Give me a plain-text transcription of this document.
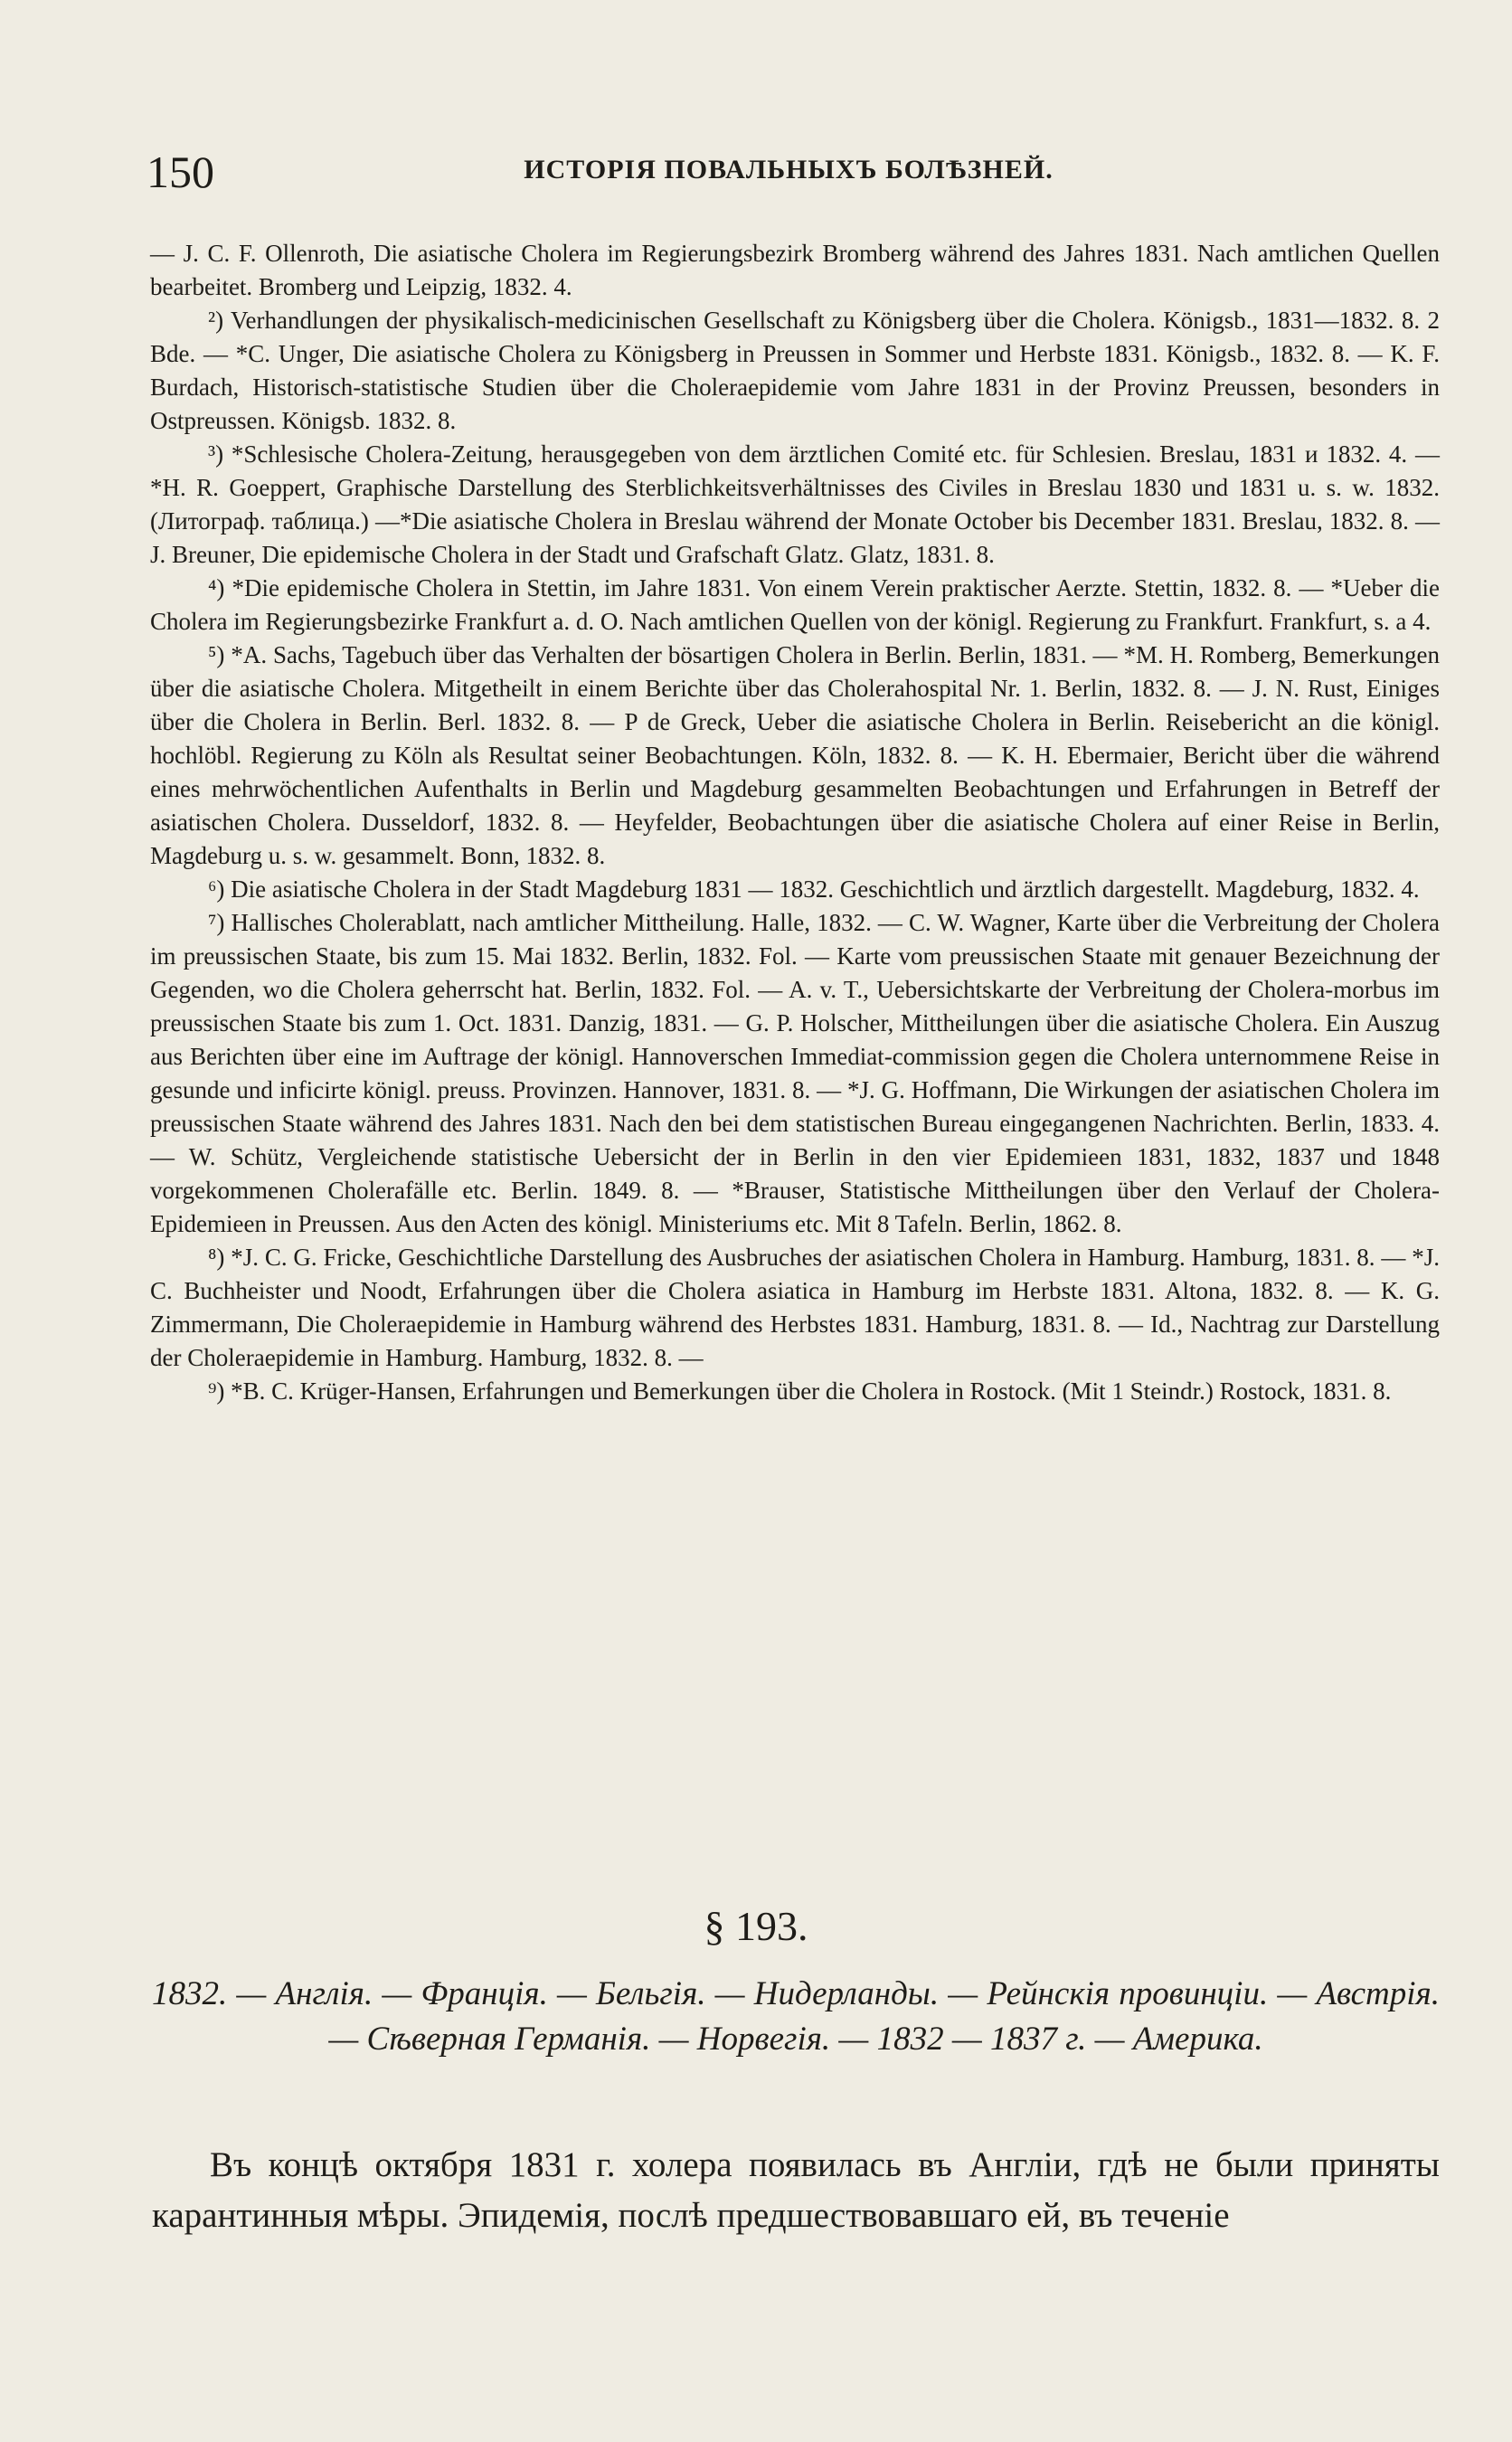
150	ИСТОРІЯ ПОВАЛЬНЫХЪ БОЛѢЗНЕЙ.

— J. C. F. Ollenroth, Die asiatische Cholera im Regierungsbezirk Bromberg während des Jahres 1831. Nach amtlichen Quellen bearbeitet. Bromberg und Leipzig, 1832. 4.

²) Verhandlungen der physikalisch-medicinischen Gesellschaft zu Königsberg über die Cholera. Königsb., 1831—1832. 8. 2 Bde. — *C. Unger, Die asiatische Cholera zu Königsberg in Preussen in Sommer und Herbste 1831. Königsb., 1832. 8. — K. F. Burdach, Historisch-statistische Studien über die Choleraepidemie vom Jahre 1831 in der Provinz Preussen, besonders in Ostpreussen. Königsb. 1832. 8.

³) *Schlesische Cholera-Zeitung, herausgegeben von dem ärztlichen Comité etc. für Schlesien. Breslau, 1831 и 1832. 4. — *H. R. Goeppert, Graphische Darstellung des Sterblichkeitsverhältnisses des Civiles in Breslau 1830 und 1831 u. s. w. 1832. (Литограф. таблица.) —*Die asiatische Cholera in Breslau während der Monate October bis December 1831. Breslau, 1832. 8. — J. Breuner, Die epidemische Cholera in der Stadt und Grafschaft Glatz. Glatz, 1831. 8.

⁴) *Die epidemische Cholera in Stettin, im Jahre 1831. Von einem Verein praktischer Aerzte. Stettin, 1832. 8. — *Ueber die Cholera im Regierungsbezirke Frankfurt a. d. O. Nach amtlichen Quellen von der königl. Regierung zu Frankfurt. Frankfurt, s. a 4.

⁵) *A. Sachs, Tagebuch über das Verhalten der bösartigen Cholera in Berlin. Berlin, 1831. — *M. H. Romberg, Bemerkungen über die asiatische Cholera. Mitgetheilt in einem Berichte über das Cholerahospital Nr. 1. Berlin, 1832. 8. — J. N. Rust, Einiges über die Cholera in Berlin. Berl. 1832. 8. — P de Greck, Ueber die asiatische Cholera in Berlin. Reisebericht an die königl. hochlöbl. Regierung zu Köln als Resultat seiner Beobachtungen. Köln, 1832. 8. — K. H. Ebermaier, Bericht über die während eines mehrwöchentlichen Aufenthalts in Berlin und Magdeburg gesammelten Beobachtungen und Erfahrungen in Betreff der asiatischen Cholera. Dusseldorf, 1832. 8. — Heyfelder, Beobachtungen über die asiatische Cholera auf einer Reise in Berlin, Magdeburg u. s. w. gesammelt. Bonn, 1832. 8.

⁶) Die asiatische Cholera in der Stadt Magdeburg 1831 — 1832. Geschichtlich und ärztlich dargestellt. Magdeburg, 1832. 4.

⁷) Hallisches Cholerablatt, nach amtlicher Mittheilung. Halle, 1832. — C. W. Wagner, Karte über die Verbreitung der Cholera im preussischen Staate, bis zum 15. Mai 1832. Berlin, 1832. Fol. — Karte vom preussischen Staate mit genauer Bezeichnung der Gegenden, wo die Cholera geherrscht hat. Berlin, 1832. Fol. — A. v. T., Uebersichtskarte der Verbreitung der Cholera-morbus im preussischen Staate bis zum 1. Oct. 1831. Danzig, 1831. — G. P. Holscher, Mittheilungen über die asiatische Cholera. Ein Auszug aus Berichten über eine im Auftrage der königl. Hannoverschen Immediat-commission gegen die Cholera unternommene Reise in gesunde und inficirte königl. preuss. Provinzen. Hannover, 1831. 8. — *J. G. Hoffmann, Die Wirkungen der asiatischen Cholera im preussischen Staate während des Jahres 1831. Nach den bei dem statistischen Bureau eingegangenen Nachrichten. Berlin, 1833. 4. — W. Schütz, Vergleichende statistische Uebersicht der in Berlin in den vier Epidemieen 1831, 1832, 1837 und 1848 vorgekommenen Cholerafälle etc. Berlin. 1849. 8. — *Brauser, Statistische Mittheilungen über den Verlauf der Cholera-Epidemieen in Preussen. Aus den Acten des königl. Ministeriums etc. Mit 8 Tafeln. Berlin, 1862. 8.

⁸) *J. C. G. Fricke, Geschichtliche Darstellung des Ausbruches der asiatischen Cholera in Hamburg. Hamburg, 1831. 8. — *J. C. Buchheister und Noodt, Erfahrungen über die Cholera asiatica in Hamburg im Herbste 1831. Altona, 1832. 8. — K. G. Zimmermann, Die Choleraepidemie in Hamburg während des Herbstes 1831. Hamburg, 1831. 8. — Id., Nachtrag zur Darstellung der Choleraepidemie in Hamburg. Hamburg, 1832. 8. —

⁹) *B. C. Krüger-Hansen, Erfahrungen und Bemerkungen über die Cholera in Rostock. (Mit 1 Steindr.) Rostock, 1831. 8.

§ 193.
1832. — Англія. — Франція. — Бельгія. — Нидерланды. — Рейнскія провинціи. — Австрія. — Сѣверная Германія. — Норвегія. — 1832 — 1837 г. — Америка.
Въ концѣ октября 1831 г. холера появилась въ Англіи, гдѣ не были приняты карантинныя мѣры. Эпидемія, послѣ предшествовавшаго ей, въ теченіе
